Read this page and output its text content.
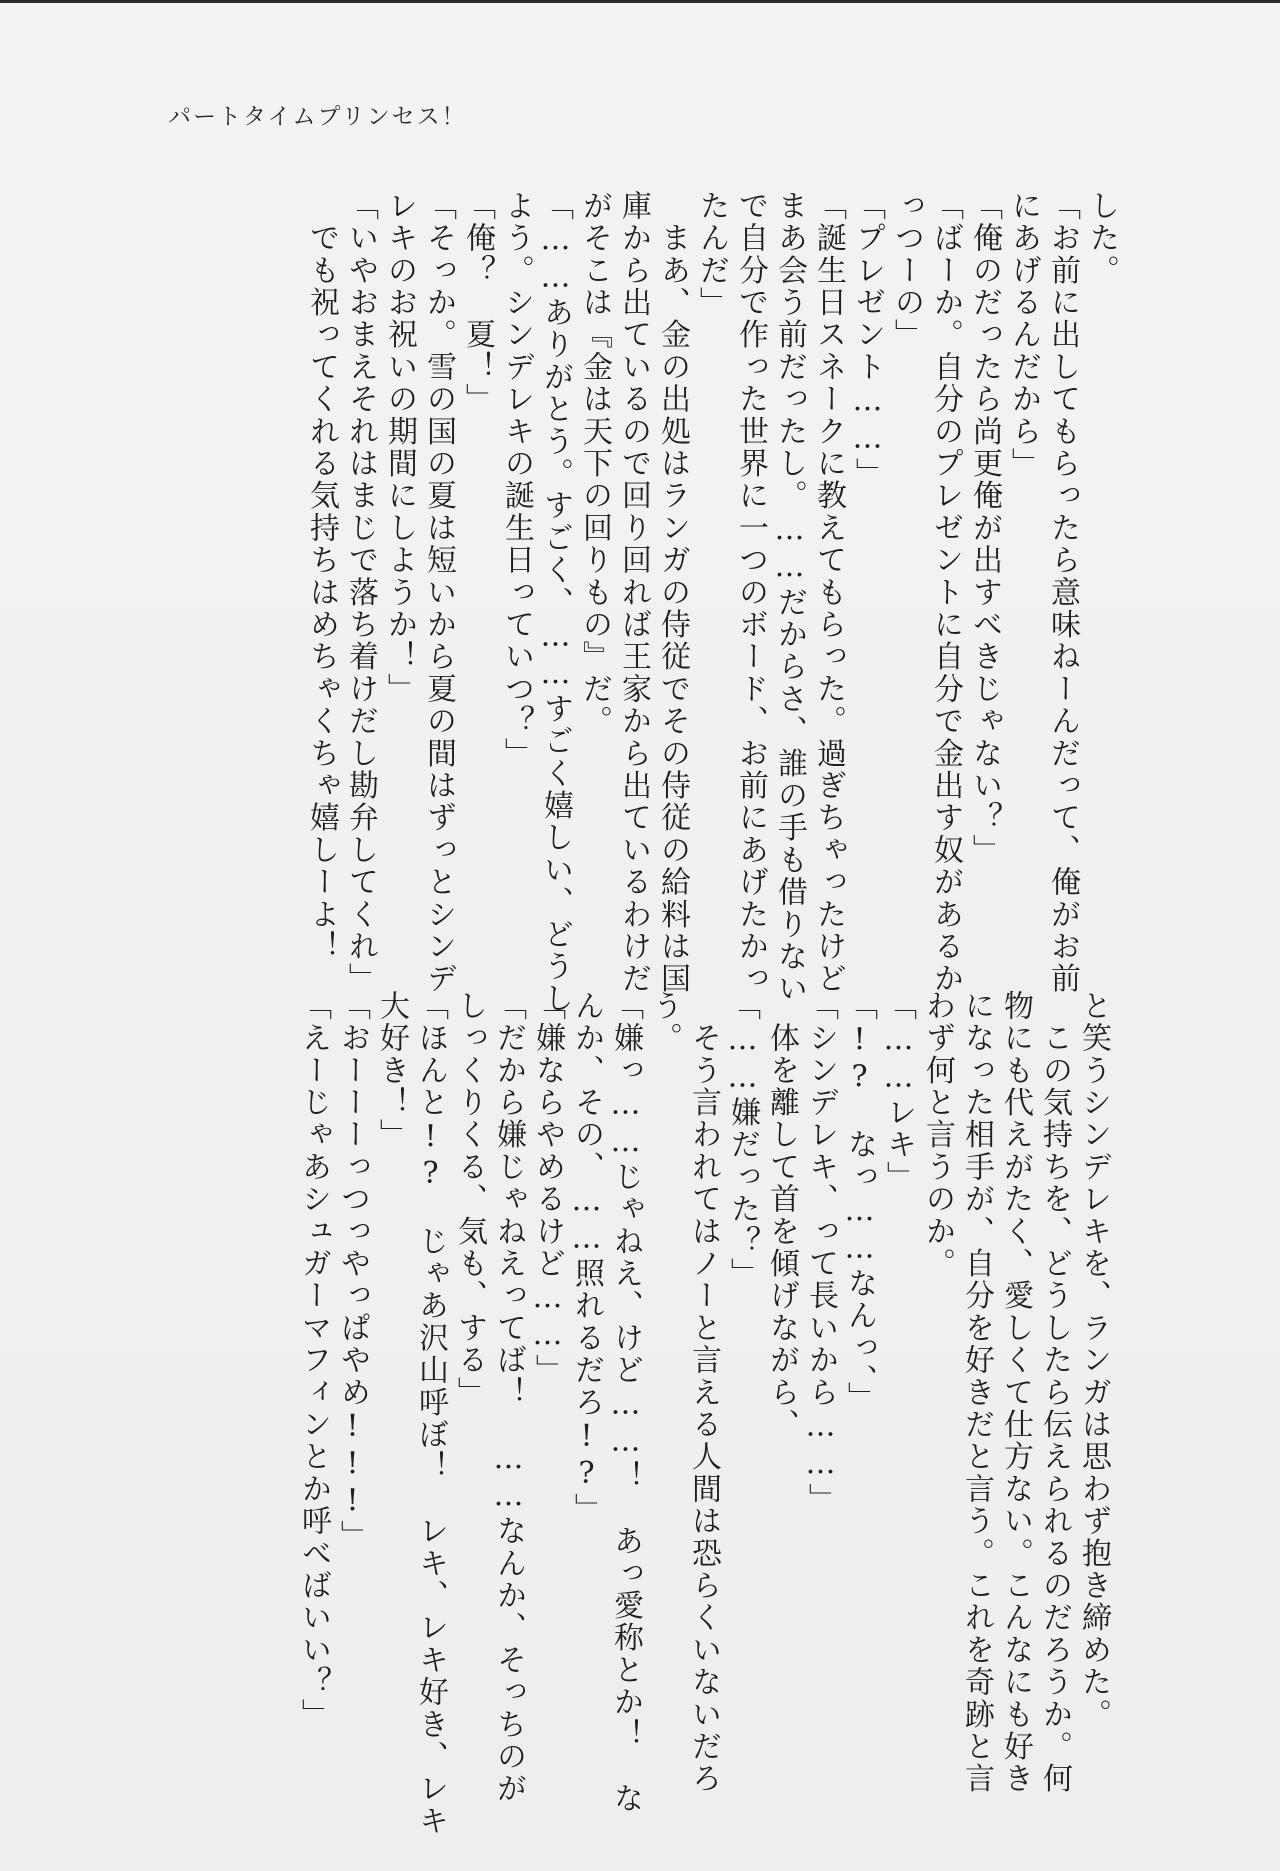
パートタイムプリンセス！
した。
「お前に出してもらったら意味ねーんだって、俺がお前
にあげるんだから」
「俺のだったら尚更俺が出すべきじゃない？」
「ばーか。自分のプレゼントに自分で金出す奴があるか
っつーの」
「プレゼント……」
「誕生日スネークに教えてもらった。過ぎちゃったけど
まあ会う前だったし。……だからさ、誰の手も借りない
で自分で作った世界に一つのボード、お前にあげたかっ
たんだ」
　まあ、金の出処はランガの侍従でその侍従の給料は国
庫から出ているので回り回れば王家から出ているわけだ
がそこは『金は天下の回りもの』だ。
「……ありがとう。すごく、……すごく嬉しい、どうし
よう。シンデレキの誕生日っていつ？」
「俺？　夏！」
「そっか。雪の国の夏は短いから夏の間はずっとシンデ
レキのお祝いの期間にしようか！」
「いやおまえそれはまじで落ち着けだし勘弁してくれ」
　でも祝ってくれる気持ちはめちゃくちゃ嬉しーよ！
と笑うシンデレキを、ランガは思わず抱き締めた。
　この気持ちを、どうしたら伝えられるのだろうか。何
物にも代えがたく、愛しくて仕方ない。こんなにも好き
になった相手が、自分を好きだと言う。これを奇跡と言
わず何と言うのか。
「……レキ」
「!?　なっ……なんっ、」
「シンデレキ、って長いから……」
　体を離して首を傾げながら、
「……嫌だった？」
　そう言われてはノーと言える人間は恐らくいないだろ
う。
「嫌っ……じゃねえ、けど……！　あっ愛称とか！　な
んか、その、……照れるだろ!?」
「嫌ならやめるけど……」
「だから嫌じゃねえってば！　……なんか、そっちのが
しっくりくる、気も、する」
「ほんと!?　じゃあ沢山呼ぼ！　レキ、レキ好き、レキ
大好き！」
「おーーーっつっやっぱやめ!!!」
「えーじゃあシュガーマフィンとか呼べばいい？」
